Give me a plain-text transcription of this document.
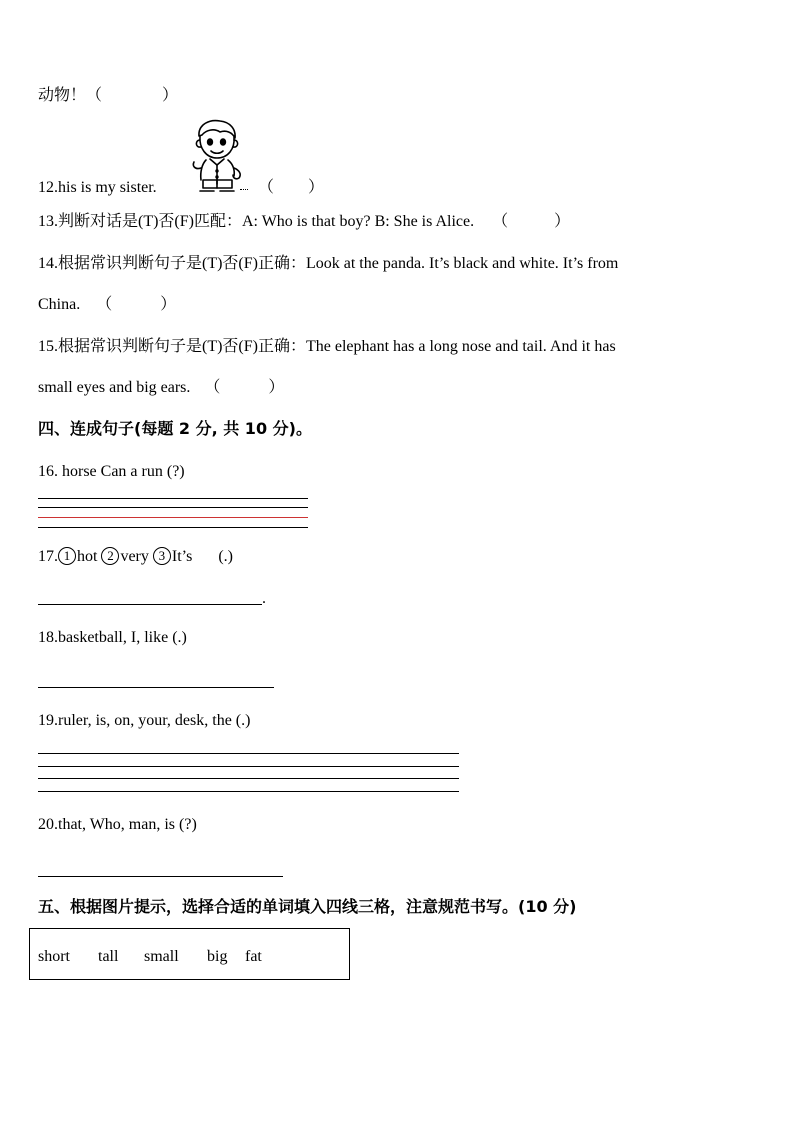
动物！（	）
12.his is my sister.	（ ）
13.判断对话是(T)否(F)匹配：A: Who is that boy? B: She is Alice. （	）
14.根据常识判断句子是(T)否(F)正确：Look at the panda. It’s black and white. It’s from
China. （	）
15.根据常识判断句子是(T)否(F)正确：The elephant has a long nose and tail. And it has
small eyes and big ears. （	）
四、连成句子(每题 2 分, 共 10 分)。
16. horse Can a run (?)
17. 1 hot 2 very 3 It’s (.)
.
18.basketball, I, like (.)
19.ruler, is, on, your, desk, the (.)
20.that, Who, man, is (?)
五、根据图片提示，选择合适的单词填入四线三格，注意规范书写。(10 分)
short tall small big fat
